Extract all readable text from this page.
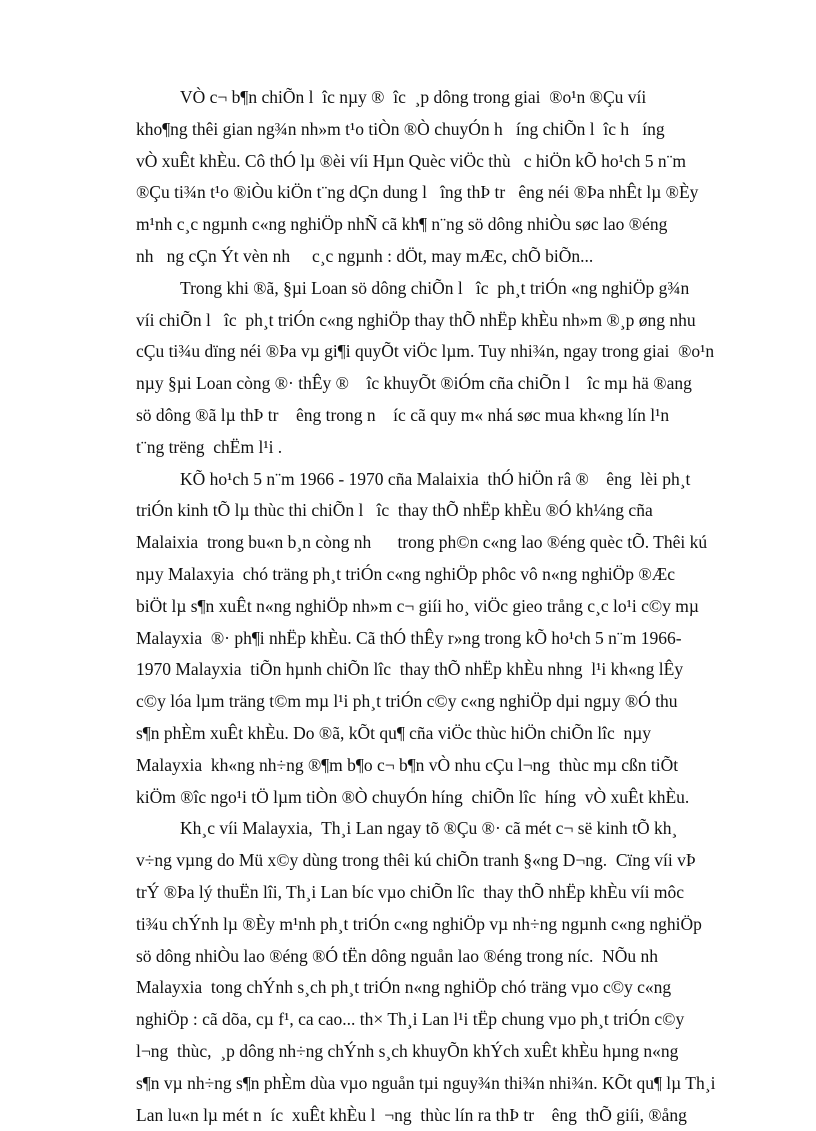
VÒ c¬ b¶n chiÕn l  îc nµy ®  îc  ¸p dông trong giai  ®o¹n ®Çu víi
kho¶ng thêi gian ng¾n nh»m t¹o tiÒn ®Ò chuyÓn h   íng chiÕn l  îc h   íng
vÒ xuÊt khÈu. Cô thÓ lµ ®èi víi Hµn Quèc viÖc thù   c hiÖn kÕ ho¹ch 5 n¨m
®Çu ti¾n t¹o ®iÒu kiÖn t¨ng dÇn dung l   îng thÞ tr   êng néi ®Þa nhÊt lµ ®Èy
m¹nh c¸c ngµnh c«ng nghiÖp nhÑ cã kh¶ n¨ng sö dông nhiÒu søc lao ®éng
nh   ng cÇn Ýt vèn nh     c¸c ngµnh : dÖt, may mÆc, chÕ biÕn...
Trong khi ®ã, §µi Loan sö dông chiÕn l   îc  ph¸t triÓn «ng nghiÖp g¾n
víi chiÕn l   îc  ph¸t triÓn c«ng nghiÖp thay thÕ nhËp khÈu nh»m ®¸p øng nhu
cÇu ti¾u dïng néi ®Þa vµ gi¶i quyÕt viÖc lµm. Tuy nhi¾n, ngay trong giai  ®o¹n
nµy §µi Loan còng ®· thÊy ®    îc khuyÕt ®iÓm cña chiÕn l    îc mµ hä ®ang
sö dông ®ã lµ thÞ tr    êng trong n    íc cã quy m« nhá søc mua kh«ng lín l¹n
t¨ng trëng  chËm l¹i .
KÕ ho¹ch 5 n¨m 1966 - 1970 cña Malaixia  thÓ hiÖn râ ®    êng  lèi ph¸t
triÓn kinh tÕ lµ thùc thi chiÕn l   îc  thay thÕ nhËp khÈu ®Ó kh¼ng cña
Malaixia  trong bu«n b¸n còng nh      trong ph©n c«ng lao ®éng quèc tÕ. Thêi kú
nµy Malaxyia  chó träng ph¸t triÓn c«ng nghiÖp phôc vô n«ng nghiÖp ®Æc
biÖt lµ s¶n xuÊt n«ng nghiÖp nh»m c¬ giíi ho¸ viÖc gieo trång c¸c lo¹i c©y mµ
Malayxia  ®· ph¶i nhËp khÈu. Cã thÓ thÊy r»ng trong kÕ ho¹ch 5 n¨m 1966-
1970 Malayxia  tiÕn hµnh chiÕn lîc  thay thÕ nhËp khÈu nhng  l¹i kh«ng lÊy
c©y lóa lµm träng t©m mµ l¹i ph¸t triÓn c©y c«ng nghiÖp dµi ngµy ®Ó thu
s¶n phÈm xuÊt khÈu. Do ®ã, kÕt qu¶ cña viÖc thùc hiÖn chiÕn lîc  nµy
Malayxia  kh«ng nh÷ng ®¶m b¶o c¬ b¶n vÒ nhu cÇu l¬ng  thùc mµ cßn tiÕt
kiÖm ®îc ngo¹i tÖ lµm tiÒn ®Ò chuyÓn híng  chiÕn lîc  híng  vÒ xuÊt khÈu.
Kh¸c víi Malayxia,  Th¸i Lan ngay tõ ®Çu ®· cã mét c¬ së kinh tÕ kh¸
v÷ng vµng do Mü x©y dùng trong thêi kú chiÕn tranh §«ng D¬ng.  Cïng víi vÞ
trÝ ®Þa lý thuËn lîi, Th¸i Lan bíc vµo chiÕn lîc  thay thÕ nhËp khÈu víi môc
ti¾u chÝnh lµ ®Èy m¹nh ph¸t triÓn c«ng nghiÖp vµ nh÷ng ngµnh c«ng nghiÖp
sö dông nhiÒu lao ®éng ®Ó tËn dông nguån lao ®éng trong níc.  NÕu nh
Malayxia  tong chÝnh s¸ch ph¸t triÓn n«ng nghiÖp chó träng vµo c©y c«ng
nghiÖp : cã dõa, cµ f¹, ca cao... th× Th¸i Lan l¹i tËp chung vµo ph¸t triÓn c©y
l¬ng  thùc,  ¸p dông nh÷ng chÝnh s¸ch khuyÕn khÝch xuÊt khÈu hµng n«ng
s¶n vµ nh÷ng s¶n phÈm dùa vµo nguån tµi nguy¾n thi¾n nhi¾n. KÕt qu¶ lµ Th¸i
Lan lu«n lµ mét n  íc  xuÊt khÈu l  ¬ng  thùc lín ra thÞ tr    êng  thÕ giíi, ®ång
